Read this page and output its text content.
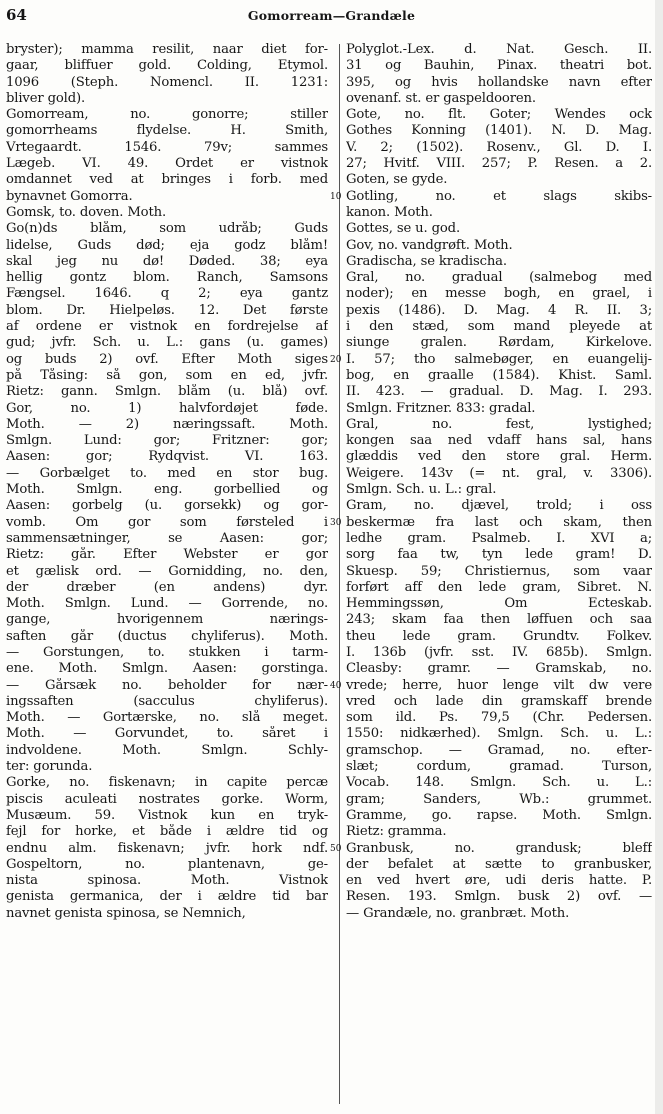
64	Gomorream—Grandæle
bryster); mamma resilit, naar diet for-
gaar, bliffuer gold. Colding, Etymol.
1096 (Steph. Nomencl. II. 1231:
bliver gold).
Gomorream, no. gonorre; stiller
gomorrheams flydelse. H. Smith,
Vrtegaardt. 1546. 79v; sammes
Lægeb. VI. 49. Ordet er vistnok
omdannet ved at bringes i forb. med
bynavnet Gomorra.
Gomsk, to. doven. Moth.
Go(n)ds blåm, som udråb; Guds
lidelse, Guds død; eja godz blåm!
skal jeg nu dø! Døded. 38; eya
hellig gontz blom. Ranch, Samsons
Fængsel. 1646. q 2; eya gantz
blom. Dr. Hielpeløs. 12. Det første
af ordene er vistnok en fordrejelse af
gud; jvfr. Sch. u. L.: gans (u. games)
og buds 2) ovf. Efter Moth siges
på Tåsing: så gon, som en ed, jvfr.
Rietz: gann. Smlgn. blåm (u. blå) ovf.
Gor, no. 1) halvfordøjet føde.
Moth. — 2) næringssaft. Moth.
Smlgn. Lund: gor; Fritzner: gor;
Aasen: gor; Rydqvist. VI. 163.
— Gorbælget to. med en stor bug.
Moth. Smlgn. eng. gorbellied og
Aasen: gorbelg (u. gorsekk) og gor-
vomb. Om gor som førsteled i
sammensætninger, se Aasen: gor;
Rietz: går. Efter Webster er gor
et gælisk ord. — Gornidding, no. den,
der dræber (en andens) dyr.
Moth. Smlgn. Lund. — Gorrende, no.
gange, hvorigennem nærings-
saften går (ductus chyliferus). Moth.
— Gorstungen, to. stukken i tarm-
ene. Moth. Smlgn. Aasen: gorstinga.
— Gårsæk no. beholder for nær-
ingssaften (sacculus chyliferus).
Moth. — Gortærske, no. slå meget.
Moth. — Gorvundet, to. såret i
indvoldene. Moth. Smlgn. Schly-
ter: gorunda.
Gorke, no. fiskenavn; in capite percæ
piscis aculeati nostrates gorke. Worm,
Musæum. 59. Vistnok kun en tryk-
fejl for horke, et både i ældre tid og
endnu alm. fiskenavn; jvfr. hork ndf.
Gospeltorn, no. plantenavn, ge-
nista spinosa. Moth. Vistnok
genista germanica, der i ældre tid bar
navnet genista spinosa, se Nemnich,
10
20
30
40
50
Polyglot.-Lex. d. Nat. Gesch. II.
31 og Bauhin, Pinax. theatri bot.
395, og hvis hollandske navn efter
ovenanf. st. er gaspeldooren.
Gote, no. flt. Goter; Wendes ock
Gothes Konning (1401). N. D. Mag.
V. 2; (1502). Rosenv., Gl. D. I.
27; Hvitf. VIII. 257; P. Resen. a 2.
Goten, se gyde.
Gotling, no. et slags skibs-
kanon. Moth.
Gottes, se u. god.
Gov, no. vandgrøft. Moth.
Gradischa, se kradischa.
Gral, no. gradual (salmebog med
noder); en messe bogh, en grael, i
pexis (1486). D. Mag. 4 R. II. 3;
i den stæd, som mand pleyede at
siunge gralen. Rørdam, Kirkelove.
I. 57; tho salmebøger, en euangelij-
bog, en graalle (1584). Khist. Saml.
II. 423. — gradual. D. Mag. I. 293.
Smlgn. Fritzner. 833: gradal.
Gral, no. fest, lystighed;
kongen saa ned vdaff hans sal, hans
glæddis ved den store gral. Herm.
Weigere. 143v (= nt. gral, v. 3306).
Smlgn. Sch. u. L.: gral.
Gram, no. djævel, trold; i oss
beskermæ fra last och skam, then
ledhe gram. Psalmeb. I. XVI a;
sorg faa tw, tyn lede gram! D.
Skuesp. 59; Christiernus, som vaar
forført aff den lede gram, Sibret. N.
Hemmingssøn, Om Ecteskab.
243; skam faa then løffuen och saa
theu lede gram. Grundtv. Folkev.
I. 136b (jvfr. sst. IV. 685b). Smlgn.
Cleasby: gramr. — Gramskab, no.
vrede; herre, huor lenge vilt dw vere
vred och lade din gramskaff brende
som ild. Ps. 79,5 (Chr. Pedersen.
1550: nidkærhed). Smlgn. Sch. u. L.:
gramschop. — Gramad, no. efter-
slæt; cordum, gramad. Turson,
Vocab. 148. Smlgn. Sch. u. L.:
gram; Sanders, Wb.: grummet.
Gramme, go. rapse. Moth. Smlgn.
Rietz: gramma.
Granbusk, no. grandusk; bleff
der befalet at sætte to granbusker,
en ved hvert øre, udi deris hatte. P.
Resen. 193. Smlgn. busk 2) ovf. —
— Grandæle, no. granbræt. Moth.
